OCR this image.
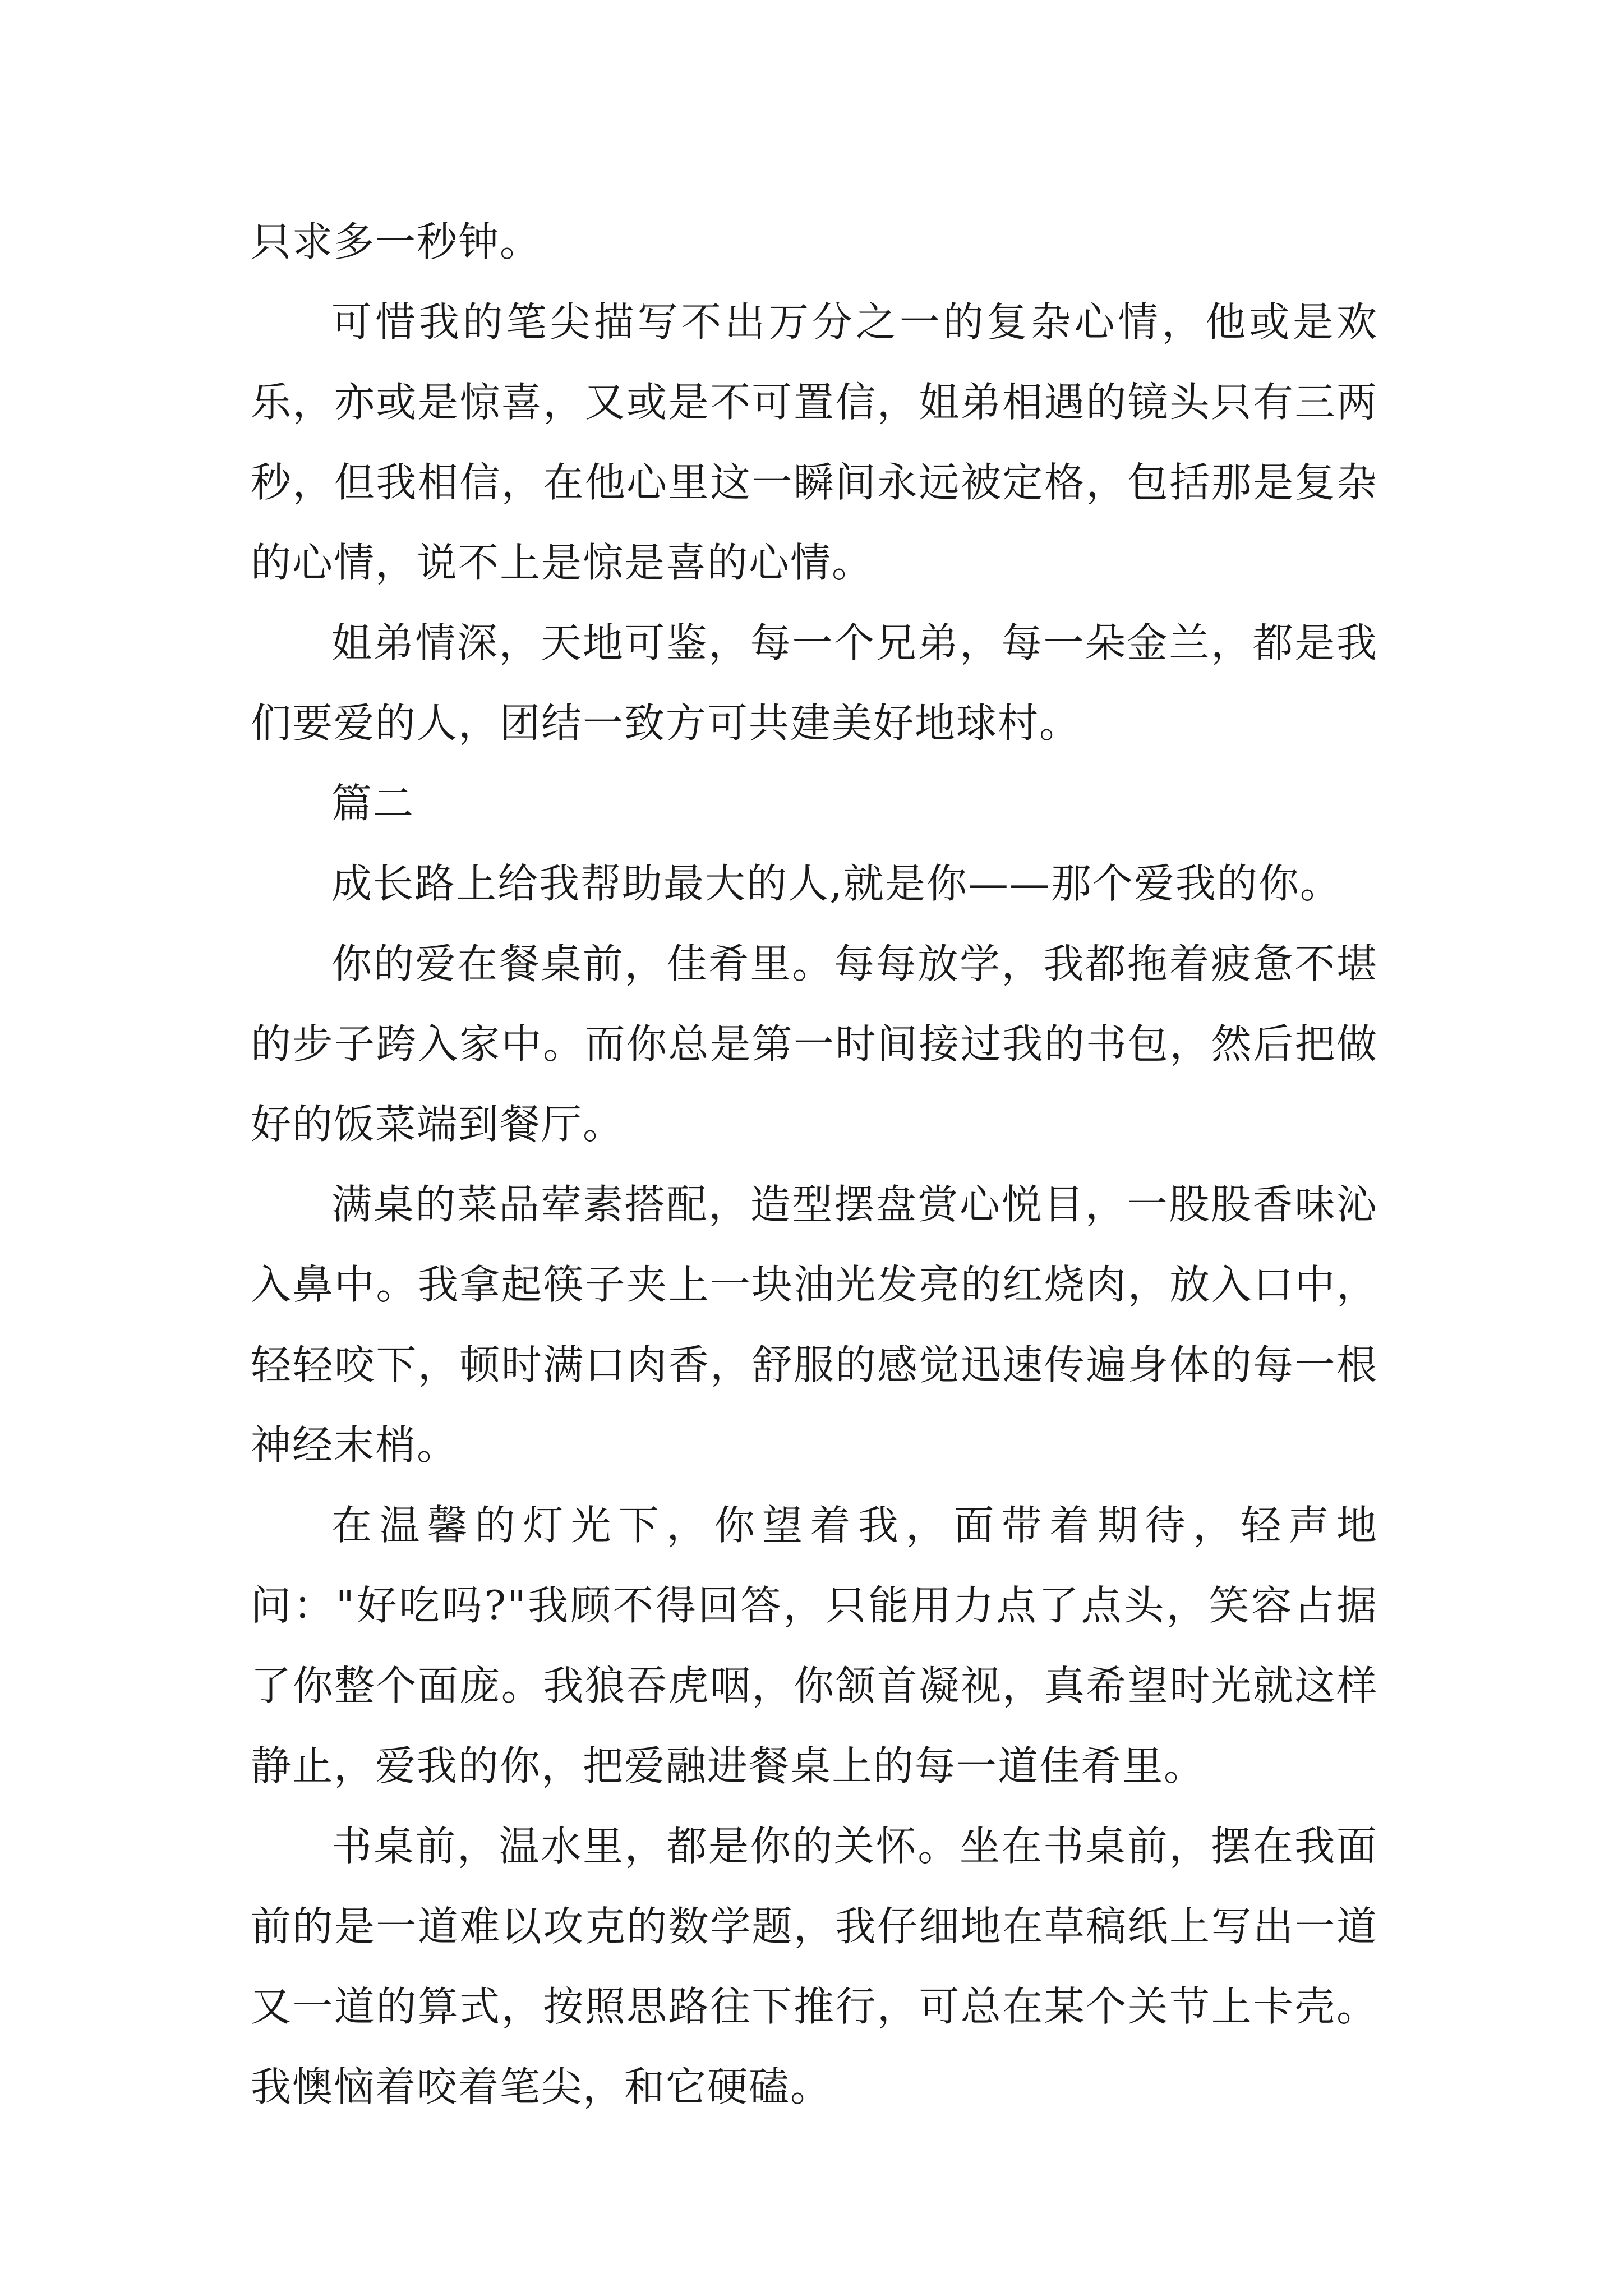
只求多一秒钟。

可惜我的笔尖描写不出万分之一的复杂心情，他或是欢乐，亦或是惊喜，又或是不可置信，姐弟相遇的镜头只有三两秒，但我相信，在他心里这一瞬间永远被定格，包括那是复杂的心情，说不上是惊是喜的心情。

姐弟情深，天地可鉴，每一个兄弟，每一朵金兰，都是我们要爱的人，团结一致方可共建美好地球村。

篇二

成长路上给我帮助最大的人,就是你——那个爱我的你。

你的爱在餐桌前，佳肴里。每每放学，我都拖着疲惫不堪的步子跨入家中。而你总是第一时间接过我的书包，然后把做好的饭菜端到餐厅。

满桌的菜品荤素搭配，造型摆盘赏心悦目，一股股香味沁入鼻中。我拿起筷子夹上一块油光发亮的红烧肉，放入口中，轻轻咬下，顿时满口肉香，舒服的感觉迅速传遍身体的每一根神经末梢。

在温馨的灯光下，你望着我，面带着期待，轻声地问："好吃吗?"我顾不得回答，只能用力点了点头，笑容占据了你整个面庞。我狼吞虎咽，你颔首凝视，真希望时光就这样静止，爱我的你，把爱融进餐桌上的每一道佳肴里。

书桌前，温水里，都是你的关怀。坐在书桌前，摆在我面前的是一道难以攻克的数学题，我仔细地在草稿纸上写出一道又一道的算式，按照思路往下推行，可总在某个关节上卡壳。我懊恼着咬着笔尖，和它硬磕。
